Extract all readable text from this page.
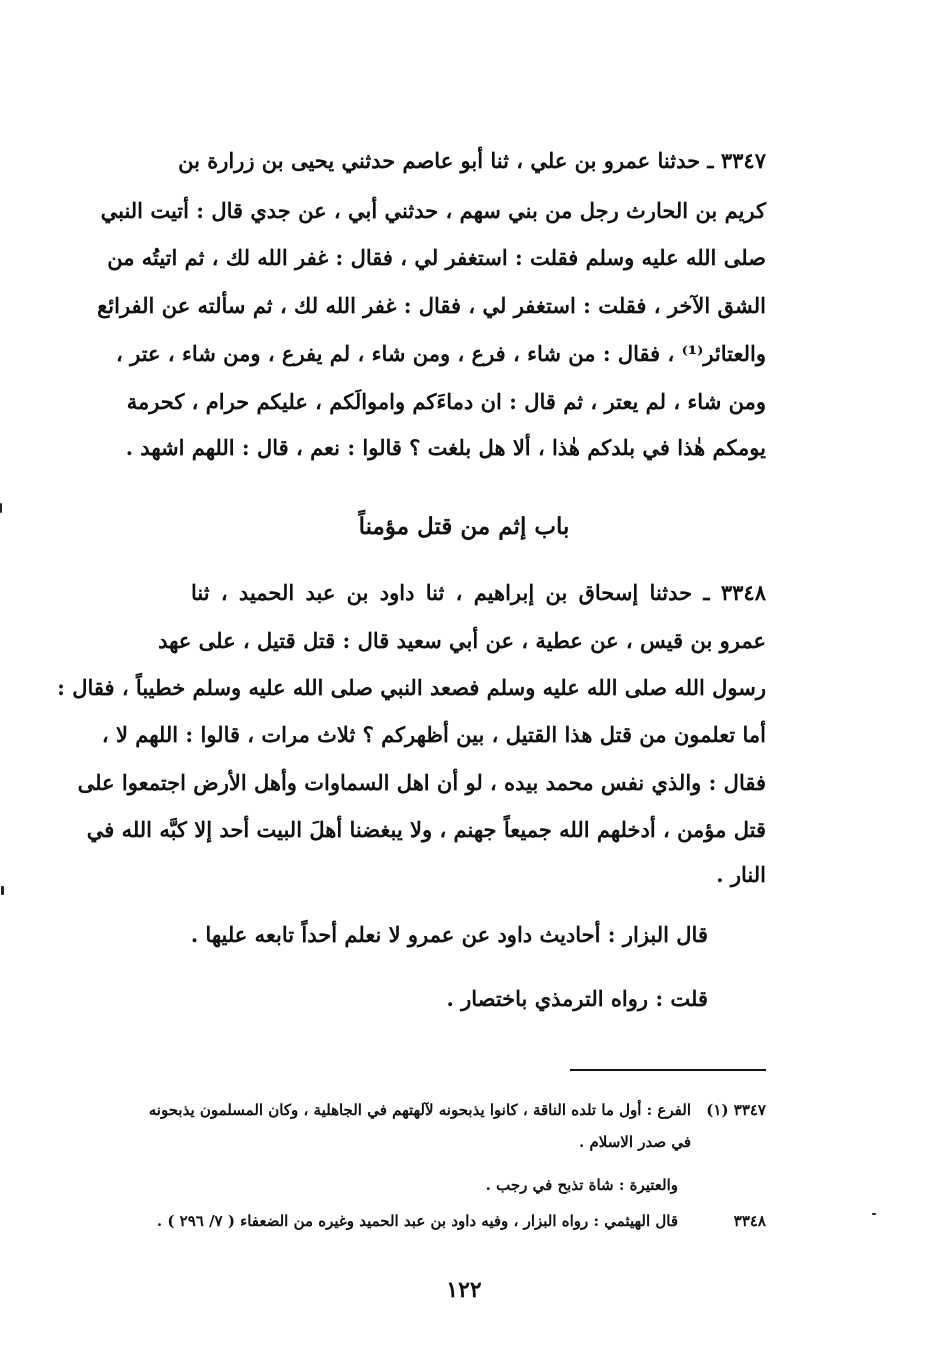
٣٣٤٧ ـ حدثنا عمرو بن علي ، ثنا أبو عاصم حدثني يحيى بن زرارة بن
كريم بن الحارث رجل من بني سهم ، حدثني أبي ، عن جدي قال : أتيت النبي
صلى الله عليه وسلم فقلت : استغفر لي ، فقال : غفر الله لك ، ثم اتيتُه من
الشق الآخر ، فقلت : استغفر لي ، فقال : غفر الله لك ، ثم سألته عن الفرائع
والعتائر⁽¹⁾ ، فقال : من شاء ، فرع ، ومن شاء ، لم يفرع ، ومن شاء ، عتر ،
ومن شاء ، لم يعتر ، ثم قال : ان دماءَكم واموالَكم ، عليكم حرام ، كحرمة
يومكم هٰذا في بلدكم هٰذا ، ألا هل بلغت ؟ قالوا : نعم ، قال : اللهم اشهد .
باب إثم من قتل مؤمناً
٣٣٤٨ ـ حدثنا إسحاق بن إبراهيم ، ثنا داود بن عبد الحميد ، ثنا
عمرو بن قيس ، عن عطية ، عن أبي سعيد قال : قتل قتيل ، على عهد
رسول الله صلى الله عليه وسلم فصعد النبي صلى الله عليه وسلم خطيباً ، فقال :
أما تعلمون من قتل هذا القتيل ، بين أظهركم ؟ ثلاث مرات ، قالوا : اللهم لا ،
فقال : والذي نفس محمد بيده ، لو أن اهل السماوات وأهل الأرض اجتمعوا على
قتل مؤمن ، أدخلهم الله جميعاً جهنم ، ولا يبغضنا أهلَ البيت أحد إلا كبَّه الله في
النار .
قال البزار : أحاديث داود عن عمرو لا نعلم أحداً تابعه عليها .
قلت : رواه الترمذي باختصار .
٣٣٤٧ (١)
الفرع : أول ما تلده الناقة ، كانوا يذبحونه لآلهتهم في الجاهلية ، وكان المسلمون يذبحونه
في صدر الاسلام .
والعتيرة : شاة تذبح في رجب .
٣٣٤٨
قال الهيثمي : رواه البزار ، وفيه داود بن عبد الحميد وغيره من الضعفاء ( ٧/ ٢٩٦ ) .
١٢٢
